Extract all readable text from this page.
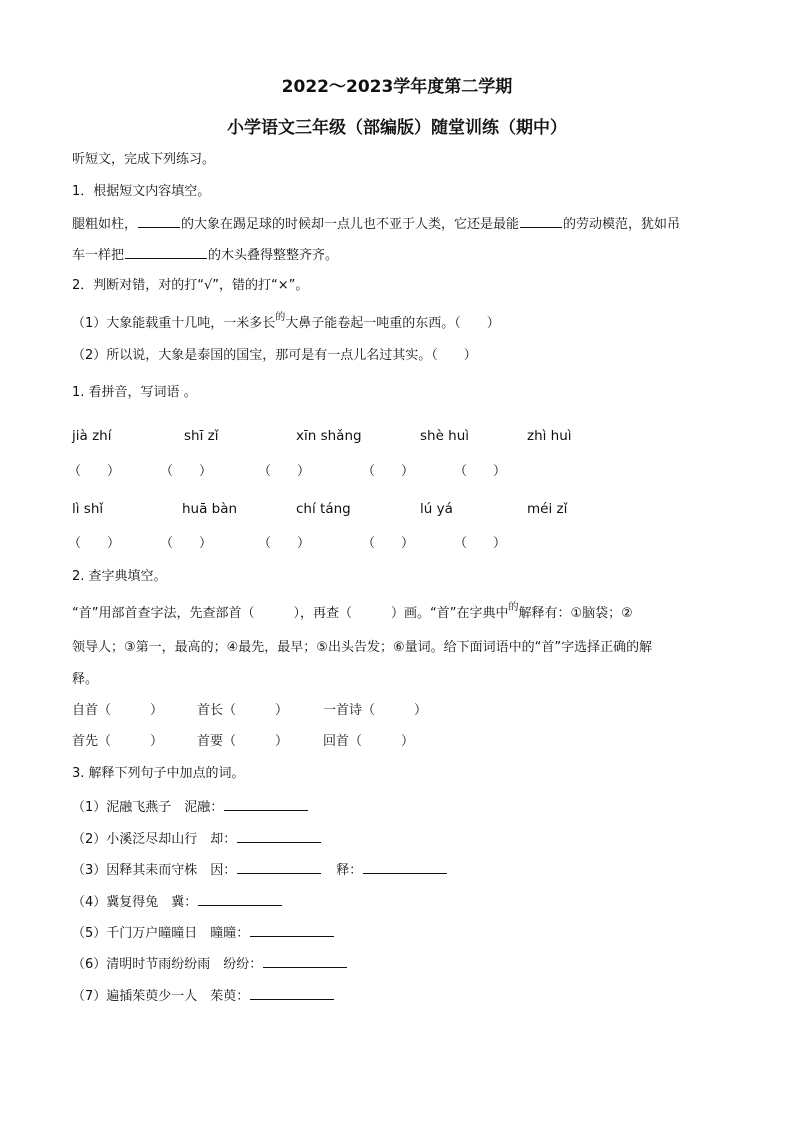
2022～2023学年度第二学期
小学语文三年级（部编版）随堂训练（期中）
听短文，完成下列练习。
1．根据短文内容填空。
腿粗如柱，	的大象在踢足球的时候却一点儿也不亚于人类，它还是最能	的劳动模范，犹如吊
车一样把	的木头叠得整整齐齐。
2．判断对错，对的打“√”，错的打“×”。
（1）大象能载重十几吨，一米多长$^的$大鼻子能卷起一吨重的东西。（　　）
（2）所以说，大象是泰国的国宝，那可是有一点儿名过其实。（　　）
1. 看拼音，写词语 。
jià zhí	shī zǐ	xīn shǎng	shè huì	zhì huì
（　　）	（　　）	（　　）	（　　）	（　　）
lì shǐ	huā bàn	chí táng	lú yá	méi zǐ
（　　）	（　　）	（　　）	（　　）	（　　）
2. 查字典填空。
“首”用部首查字法，先查部首（　　　），再查（　　　）画。“首”在字典中$^的$解释有：①脑袋；②
领导人；③第一，最高的；④最先，最早；⑤出头告发；⑥量词。给下面词语中的“首”字选择正确的解
释。
自首（　　　）	首长（　　　）	一首诗（　　　）
首先（　　　）	首要（　　　）	回首（　　　）
3. 解释下列句子中加点的词。
（1）泥融飞燕子　泥融：
（2）小溪泛尽却山行　却：
（3）因释其耒而守株　因：	释：
（4）冀复得兔　冀：
（5）千门万户曈曈日　曈曈：
（6）清明时节雨纷纷雨　纷纷：
（7）遍插茱萸少一人　茱萸：
